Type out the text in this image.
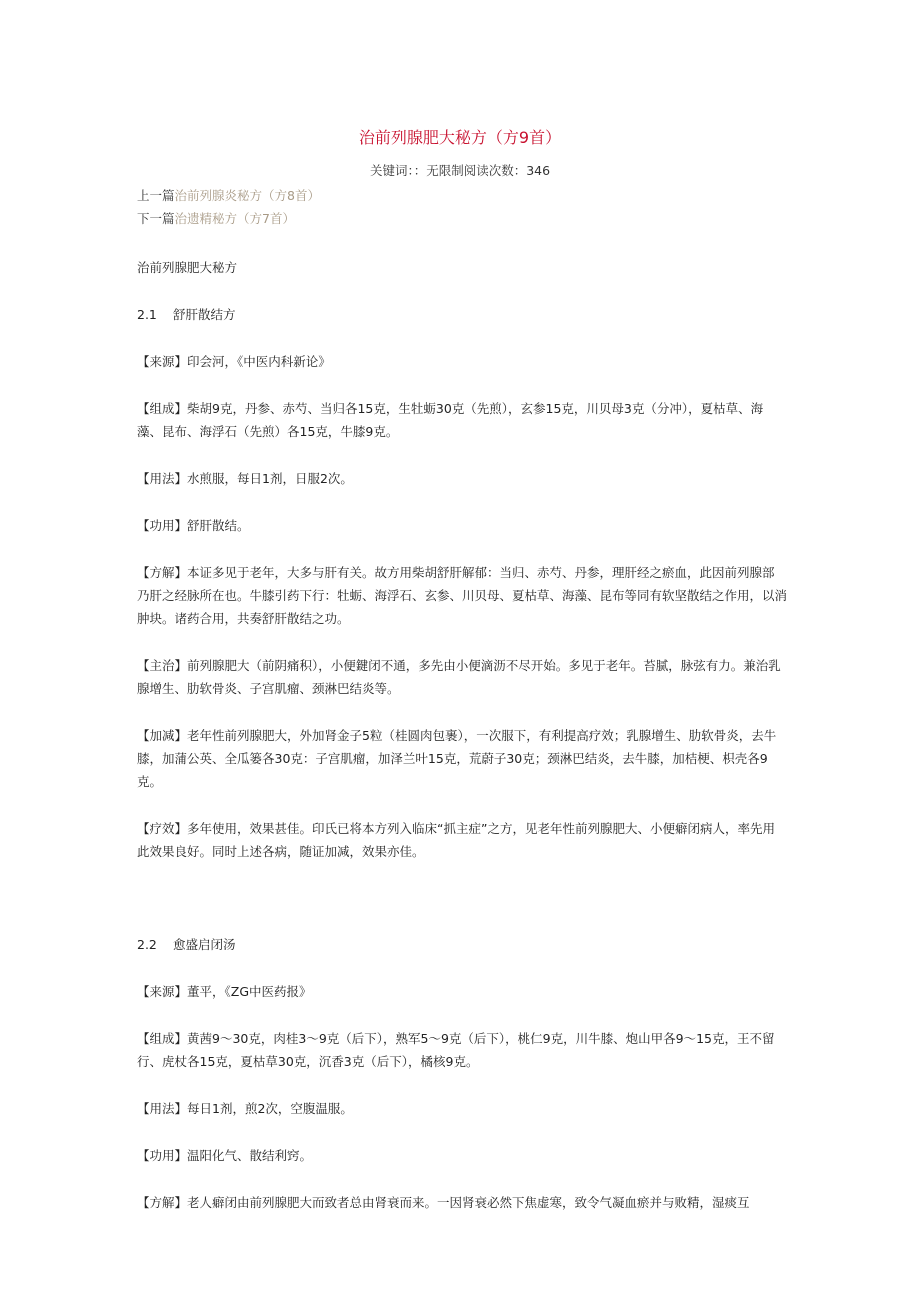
治前列腺肥大秘方（方9首）
关键词：：无限制阅读次数：346
上一篇治前列腺炎秘方（方8首）
下一篇治遗精秘方（方7首）

治前列腺肥大秘方

2.1 舒肝散结方

【来源】印会河，《中医内科新论》

【组成】柴胡9克，丹参、赤芍、当归各15克，生牡蛎30克（先煎），玄参15克，川贝母3克（分冲），夏枯草、海藻、昆布、海浮石（先煎）各15克，牛膝9克。

【用法】水煎服，每日1剂，日服2次。

【功用】舒肝散结。

【方解】本证多见于老年，大多与肝有关。故方用柴胡舒肝解郁：当归、赤芍、丹参，理肝经之瘀血，此因前列腺部乃肝之经脉所在也。牛膝引药下行：牡蛎、海浮石、玄参、川贝母、夏枯草、海藻、昆布等同有软坚散结之作用，以消肿块。诸药合用，共奏舒肝散结之功。

【主治】前列腺肥大（前阴痛积），小便鍵闭不通，多先由小便滴沥不尽开始。多见于老年。苔腻，脉弦有力。兼治乳腺增生、肋软骨炎、子宫肌瘤、颈淋巴结炎等。

【加减】老年性前列腺肥大，外加肾金子5粒（桂圆肉包裹），一次服下，有利提高疗效；乳腺增生、肋软骨炎，去牛膝，加蒲公英、全瓜篓各30克：子宫肌瘤，加泽兰叶15克，荒蔚子30克；颈淋巴结炎，去牛膝，加桔梗、枳壳各9克。

【疗效】多年使用，效果甚佳。印氏已将本方列入临床“抓主症”之方，见老年性前列腺肥大、小便癖闭病人，率先用此效果良好。同时上述各病，随证加减，效果亦佳。

2.2 愈盛启闭汤

【来源】董平，《ZG中医药报》

【组成】黄茜9～30克，肉桂3～9克（后下），熟军5～9克（后下），桃仁9克，川牛膝、炮山甲各9～15克，王不留行、虎杖各15克，夏枯草30克，沉香3克（后下），橘核9克。

【用法】每日1剂，煎2次，空腹温服。

【功用】温阳化气、散结利窍。

【方解】老人癖闭由前列腺肥大而致者总由肾衰而来。一因肾衰必然下焦虚寒，致令气凝血瘀并与败精，湿痰互
